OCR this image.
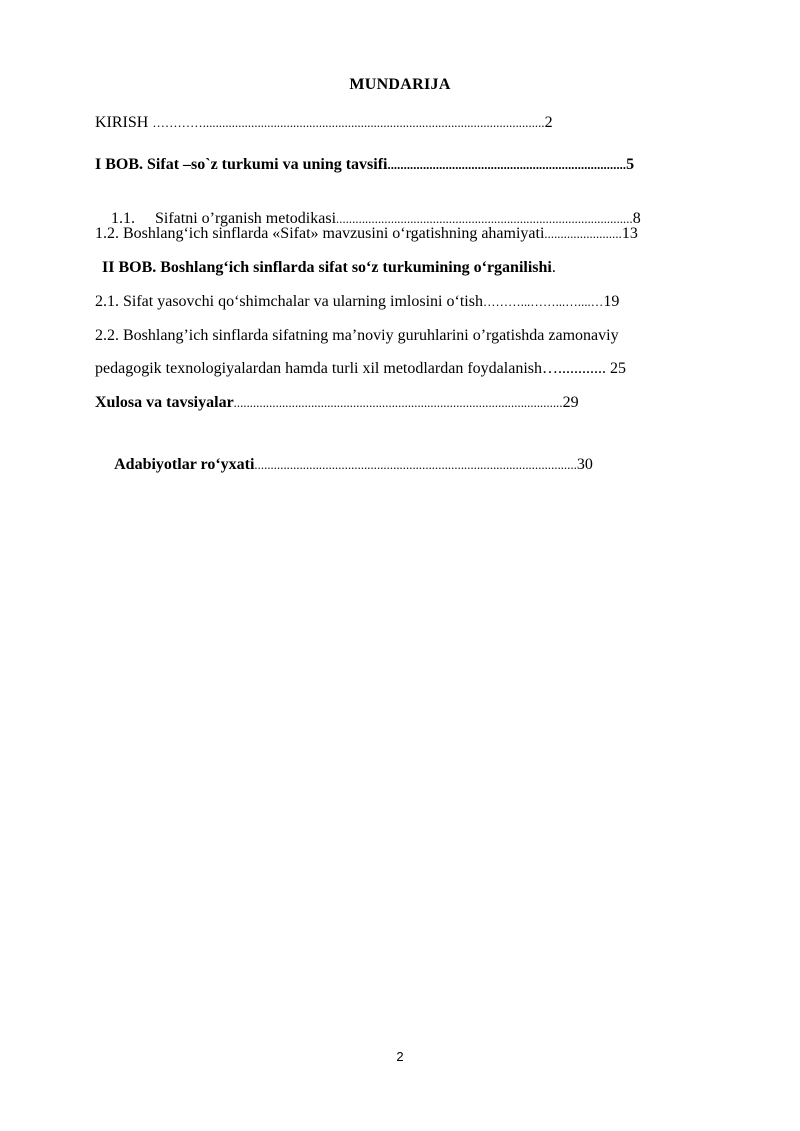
MUNDARIJA
KIRISH …………..........................................................................................................2
I BOB. Sifat –so`z turkumi va uning tavsifi..........................................................................5

1.1.     Sifatni o’rganish metodikasi............................................................................................8

1.2. Boshlang‘ich sinflarda «Sifat» mavzusini o‘rgatishning ahamiyati........................13
II BOB. Boshlang‘ich sinflarda sifat so‘z turkumining o‘rganilishi.
2.1. Sifat yasovchi qo‘shimchalar va ularning imlosini o‘tish………...……...…....…19
2.2. Boshlang’ich sinflarda sifatning ma’noviy guruhlarini o’rgatishda zamonaviy
pedagogik texnologiyalardan hamda turli xil metodlardan foydalanish…............ 25
Xulosa va tavsiyalar......................................................................................................29

Adabiyotlar ro‘yxati....................................................................................................30

2
